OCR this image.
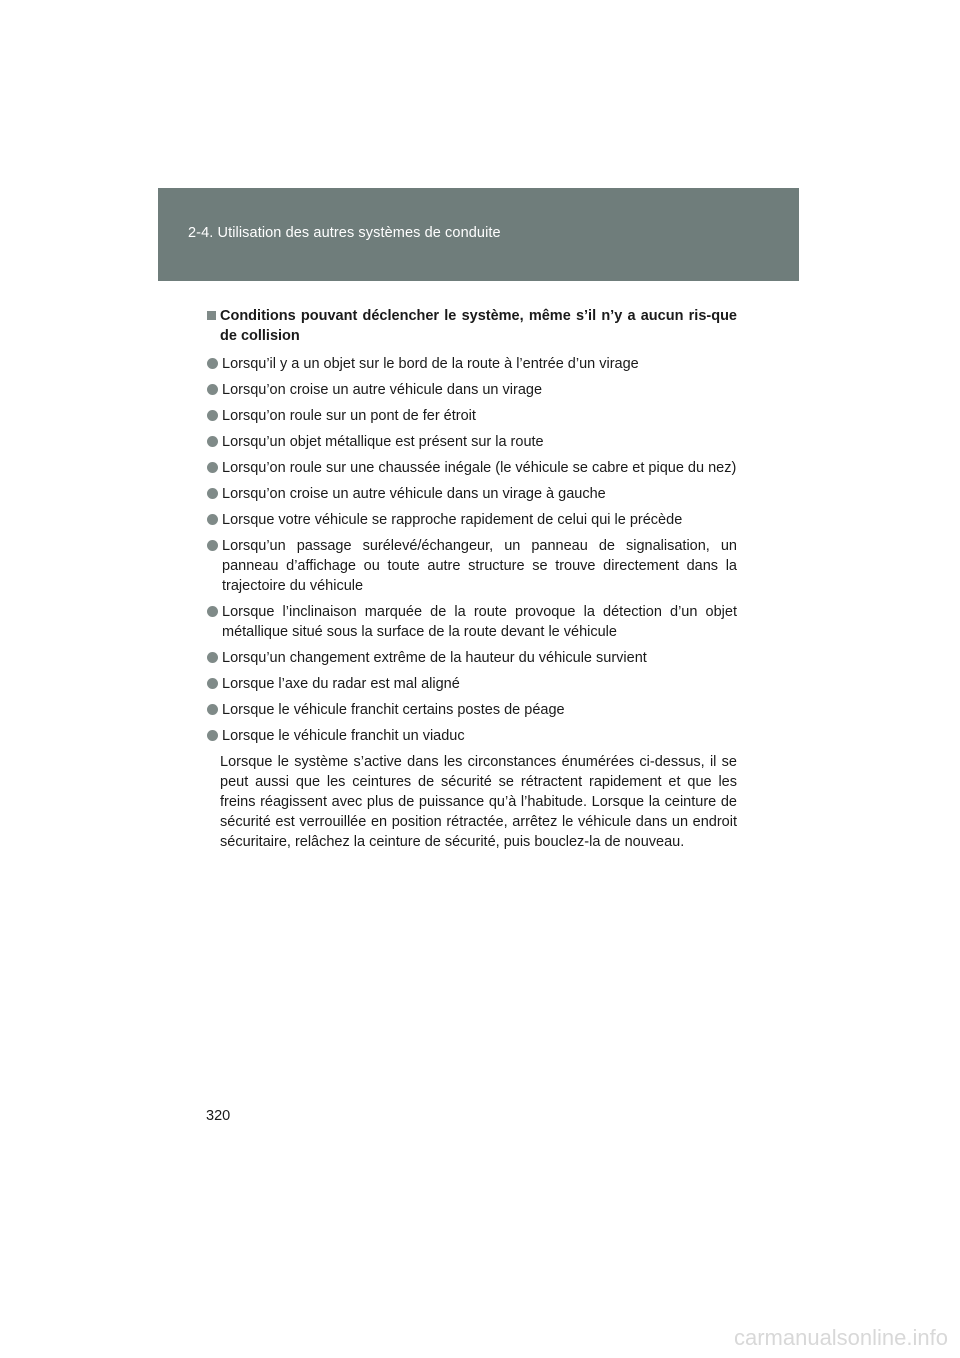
2-4. Utilisation des autres systèmes de conduite
Conditions pouvant déclencher le système, même s’il n’y a aucun ris-que de collision
Lorsqu’il y a un objet sur le bord de la route à l’entrée d’un virage
Lorsqu’on croise un autre véhicule dans un virage
Lorsqu’on roule sur un pont de fer étroit
Lorsqu’un objet métallique est présent sur la route
Lorsqu’on roule sur une chaussée inégale (le véhicule se cabre et pique du nez)
Lorsqu’on croise un autre véhicule dans un virage à gauche
Lorsque votre véhicule se rapproche rapidement de celui qui le précède
Lorsqu’un passage surélevé/échangeur, un panneau de signalisation, un panneau d’affichage ou toute autre structure se trouve directement dans la trajectoire du véhicule
Lorsque l’inclinaison marquée de la route provoque la détection d’un objet métallique situé sous la surface de la route devant le véhicule
Lorsqu’un changement extrême de la hauteur du véhicule survient
Lorsque l’axe du radar est mal aligné
Lorsque le véhicule franchit certains postes de péage
Lorsque le véhicule franchit un viaduc

Lorsque le système s’active dans les circonstances énumérées ci-dessus, il se peut aussi que les ceintures de sécurité se rétractent rapidement et que les freins réagissent avec plus de puissance qu’à l’habitude. Lorsque la ceinture de sécurité est verrouillée en position rétractée, arrêtez le véhicule dans un endroit sécuritaire, relâchez la ceinture de sécurité, puis bouclez-la de nouveau.

320
carmanualsonline.info
